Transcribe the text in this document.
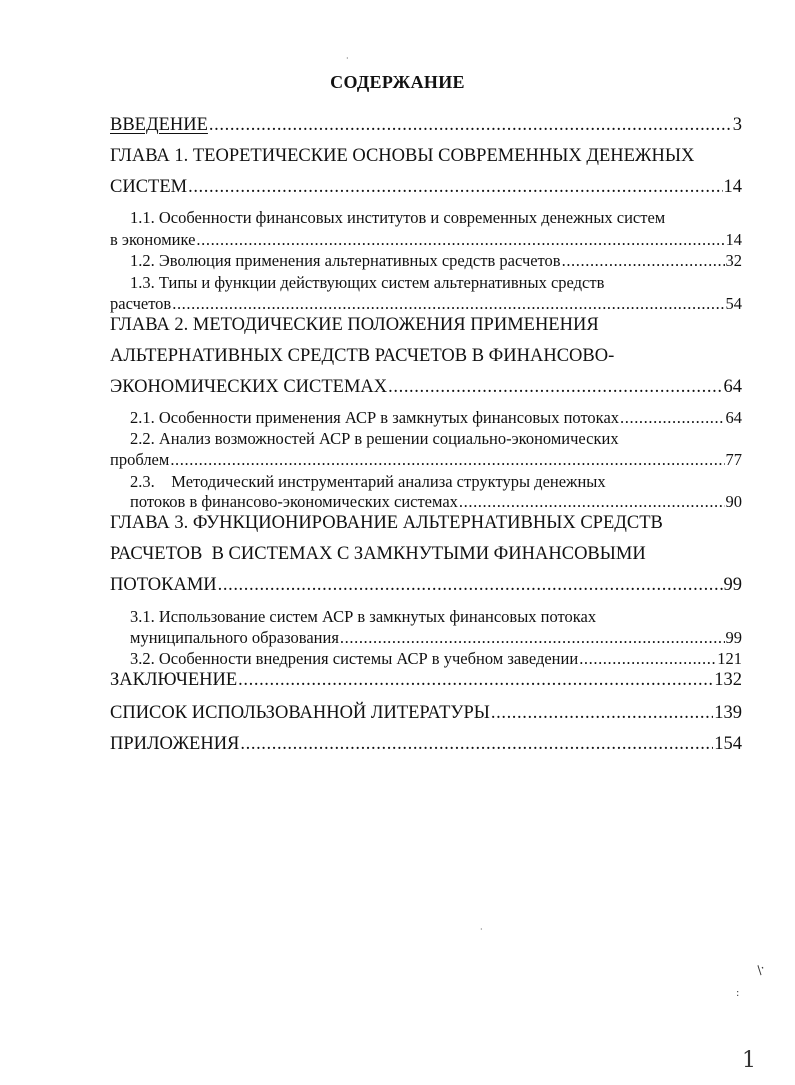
СОДЕРЖАНИЕ
ВВЕДЕНИЕ .....	3
ГЛАВА 1. ТЕОРЕТИЧЕСКИЕ ОСНОВЫ СОВРЕМЕННЫХ ДЕНЕЖНЫХ
СИСТЕМ .....	14
1.1. Особенности финансовых институтов и современных денежных систем
в экономике .....	14
1.2. Эволюция применения альтернативных средств расчетов .....	32
1.3. Типы и функции действующих систем альтернативных средств
расчетов .....	54
ГЛАВА 2. МЕТОДИЧЕСКИЕ ПОЛОЖЕНИЯ ПРИМЕНЕНИЯ
АЛЬТЕРНАТИВНЫХ СРЕДСТВ РАСЧЕТОВ В ФИНАНСОВО-
ЭКОНОМИЧЕСКИХ СИСТЕМАХ .....	64
2.1. Особенности применения АСР в замкнутых финансовых потоках .....	64
2.2. Анализ возможностей АСР в решении социально-экономических
проблем .....	77
2.3.    Методический инструментарий анализа структуры денежных
потоков в финансово-экономических системах .....	90
ГЛАВА 3. ФУНКЦИОНИРОВАНИЕ АЛЬТЕРНАТИВНЫХ СРЕДСТВ
РАСЧЕТОВ  В СИСТЕМАХ С ЗАМКНУТЫМИ ФИНАНСОВЫМИ
ПОТОКАМИ .....	99
3.1. Использование систем АСР в замкнутых финансовых потоках
муниципального образования .....	99
3.2. Особенности внедрения системы АСР в учебном заведении .....	121
ЗАКЛЮЧЕНИЕ .....	132
СПИСОК ИСПОЛЬЗОВАННОЙ ЛИТЕРАТУРЫ .....	139
ПРИЛОЖЕНИЯ .....	154
·
·
/·
:
1
